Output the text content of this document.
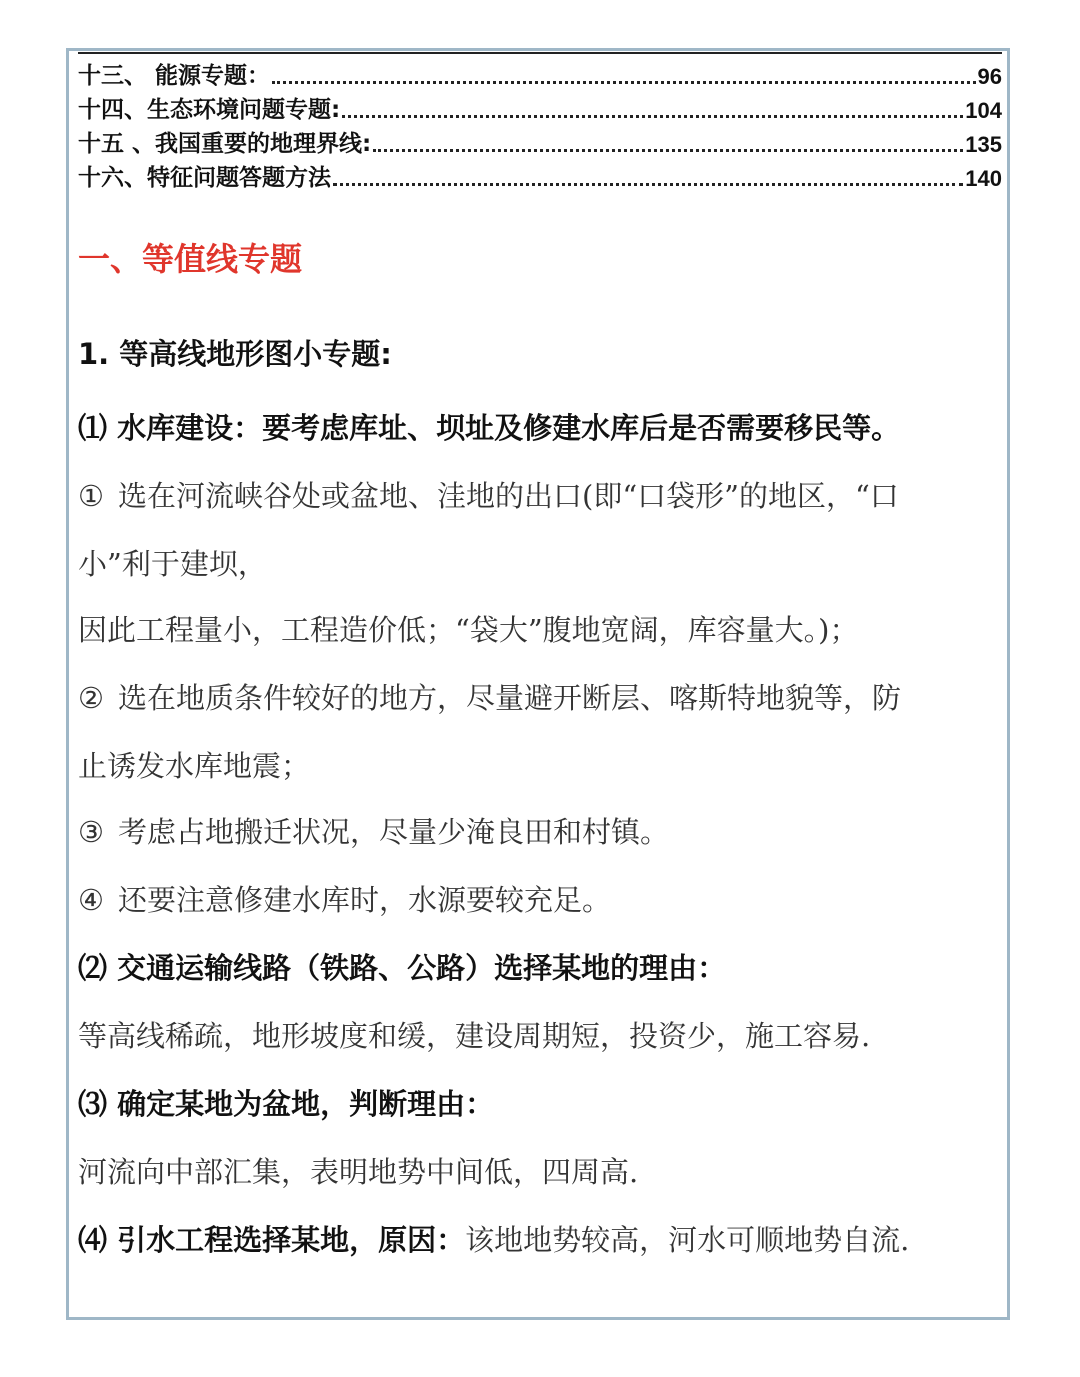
十三、 能源专题：	96
十四、生态环境问题专题:	104
十五 、我国重要的地理界线:	135
十六、特征问题答题方法	140
一、等值线专题
1. 等高线地形图小专题:
⑴ 水库建设：要考虑库址、坝址及修建水库后是否需要移民等。
① 选在河流峡谷处或盆地、洼地的出口(即“口袋形”的地区，“口
小”利于建坝，
因此工程量小，工程造价低；“袋大”腹地宽阔，库容量大。)；
② 选在地质条件较好的地方，尽量避开断层、喀斯特地貌等，防
止诱发水库地震；
③ 考虑占地搬迁状况，尽量少淹良田和村镇。
④ 还要注意修建水库时，水源要较充足。
⑵ 交通运输线路（铁路、公路）选择某地的理由：
等高线稀疏，地形坡度和缓，建设周期短，投资少，施工容易.
⑶ 确定某地为盆地，判断理由：
河流向中部汇集，表明地势中间低，四周高.
⑷ 引水工程选择某地，原因：该地地势较高，河水可顺地势自流.
